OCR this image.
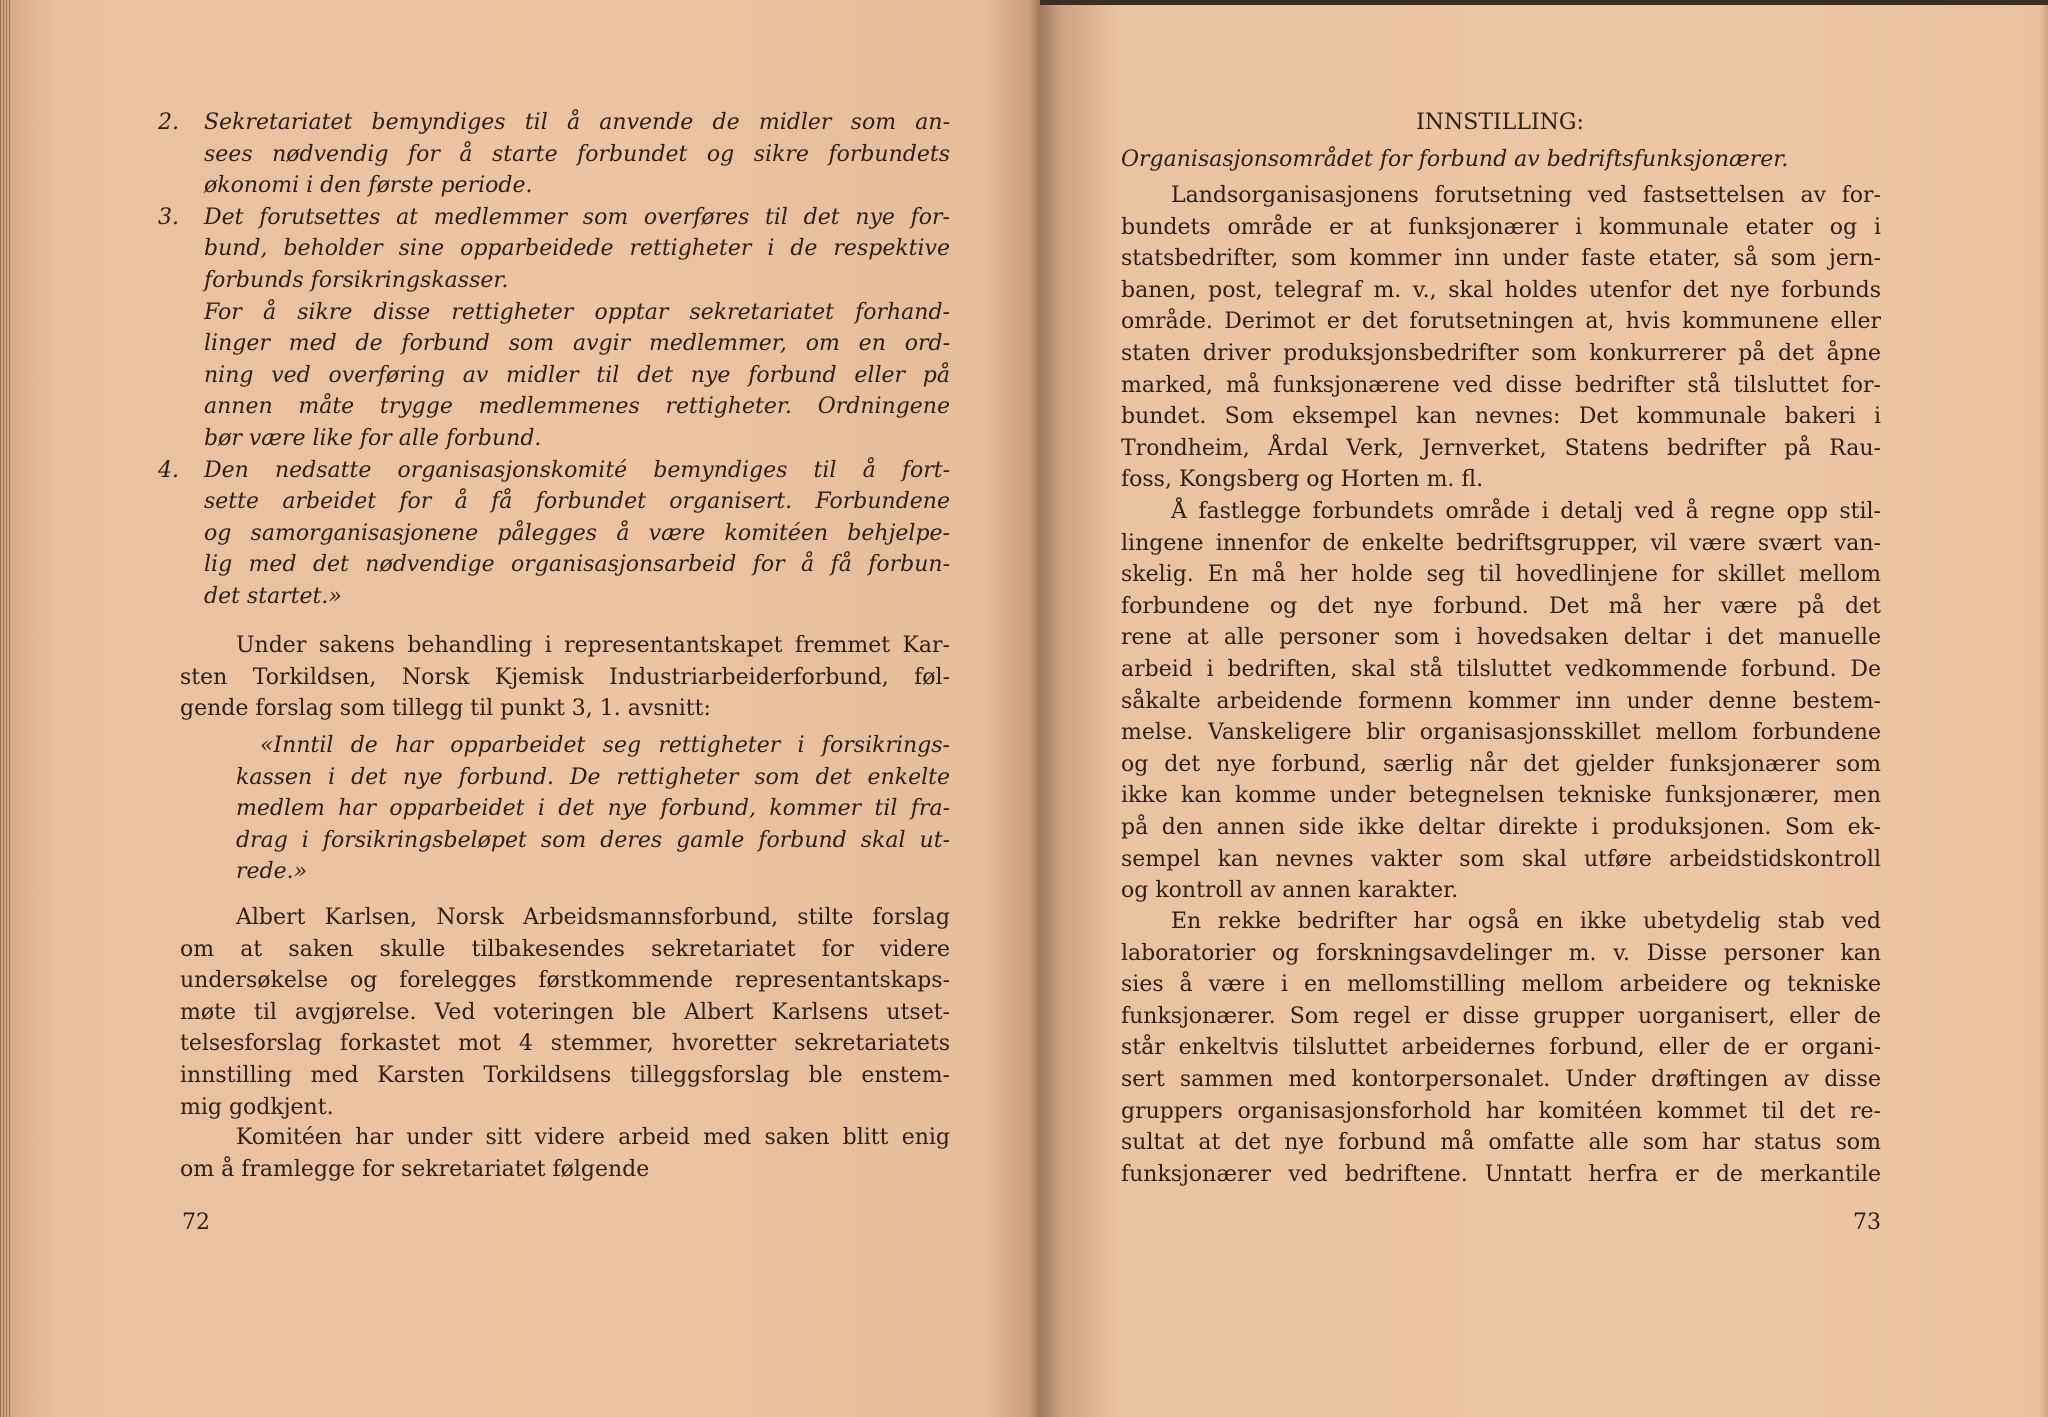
2. Sekretariatet bemyndiges til å anvende de midler som an-
sees nødvendig for å starte forbundet og sikre forbundets
økonomi i den første periode.
3. Det forutsettes at medlemmer som overføres til det nye for-
bund, beholder sine opparbeidede rettigheter i de respektive
forbunds forsikringskasser.
For å sikre disse rettigheter opptar sekretariatet forhand-
linger med de forbund som avgir medlemmer, om en ord-
ning ved overføring av midler til det nye forbund eller på
annen måte trygge medlemmenes rettigheter. Ordningene
bør være like for alle forbund.
4. Den nedsatte organisasjonskomité bemyndiges til å fort-
sette arbeidet for å få forbundet organisert. Forbundene
og samorganisasjonene pålegges å være komitéen behjelpe-
lig med det nødvendige organisasjonsarbeid for å få forbun-
det startet.»
Under sakens behandling i representantskapet fremmet Kar-
sten Torkildsen, Norsk Kjemisk Industriarbeiderforbund, føl-
gende forslag som tillegg til punkt 3, 1. avsnitt:
«Inntil de har opparbeidet seg rettigheter i forsikrings-
kassen i det nye forbund. De rettigheter som det enkelte
medlem har opparbeidet i det nye forbund, kommer til fra-
drag i forsikringsbeløpet som deres gamle forbund skal ut-
rede.»
Albert Karlsen, Norsk Arbeidsmannsforbund, stilte forslag
om at saken skulle tilbakesendes sekretariatet for videre
undersøkelse og forelegges førstkommende representantskaps-
møte til avgjørelse. Ved voteringen ble Albert Karlsens utset-
telsesforslag forkastet mot 4 stemmer, hvoretter sekretariatets
innstilling med Karsten Torkildsens tilleggsforslag ble enstem-
mig godkjent.
Komitéen har under sitt videre arbeid med saken blitt enig
om å framlegge for sekretariatet følgende
72
INNSTILLING:
Organisasjonsområdet for forbund av bedriftsfunksjonærer.
Landsorganisasjonens forutsetning ved fastsettelsen av for-
bundets område er at funksjonærer i kommunale etater og i
statsbedrifter, som kommer inn under faste etater, så som jern-
banen, post, telegraf m. v., skal holdes utenfor det nye forbunds
område. Derimot er det forutsetningen at, hvis kommunene eller
staten driver produksjonsbedrifter som konkurrerer på det åpne
marked, må funksjonærene ved disse bedrifter stå tilsluttet for-
bundet. Som eksempel kan nevnes: Det kommunale bakeri i
Trondheim, Årdal Verk, Jernverket, Statens bedrifter på Rau-
foss, Kongsberg og Horten m. fl.
Å fastlegge forbundets område i detalj ved å regne opp stil-
lingene innenfor de enkelte bedriftsgrupper, vil være svært van-
skelig. En må her holde seg til hovedlinjene for skillet mellom
forbundene og det nye forbund. Det må her være på det
rene at alle personer som i hovedsaken deltar i det manuelle
arbeid i bedriften, skal stå tilsluttet vedkommende forbund. De
såkalte arbeidende formenn kommer inn under denne bestem-
melse. Vanskeligere blir organisasjonsskillet mellom forbundene
og det nye forbund, særlig når det gjelder funksjonærer som
ikke kan komme under betegnelsen tekniske funksjonærer, men
på den annen side ikke deltar direkte i produksjonen. Som ek-
sempel kan nevnes vakter som skal utføre arbeidstidskontroll
og kontroll av annen karakter.
En rekke bedrifter har også en ikke ubetydelig stab ved
laboratorier og forskningsavdelinger m. v. Disse personer kan
sies å være i en mellomstilling mellom arbeidere og tekniske
funksjonærer. Som regel er disse grupper uorganisert, eller de
står enkeltvis tilsluttet arbeidernes forbund, eller de er organi-
sert sammen med kontorpersonalet. Under drøftingen av disse
gruppers organisasjonsforhold har komitéen kommet til det re-
sultat at det nye forbund må omfatte alle som har status som
funksjonærer ved bedriftene. Unntatt herfra er de merkantile
73
